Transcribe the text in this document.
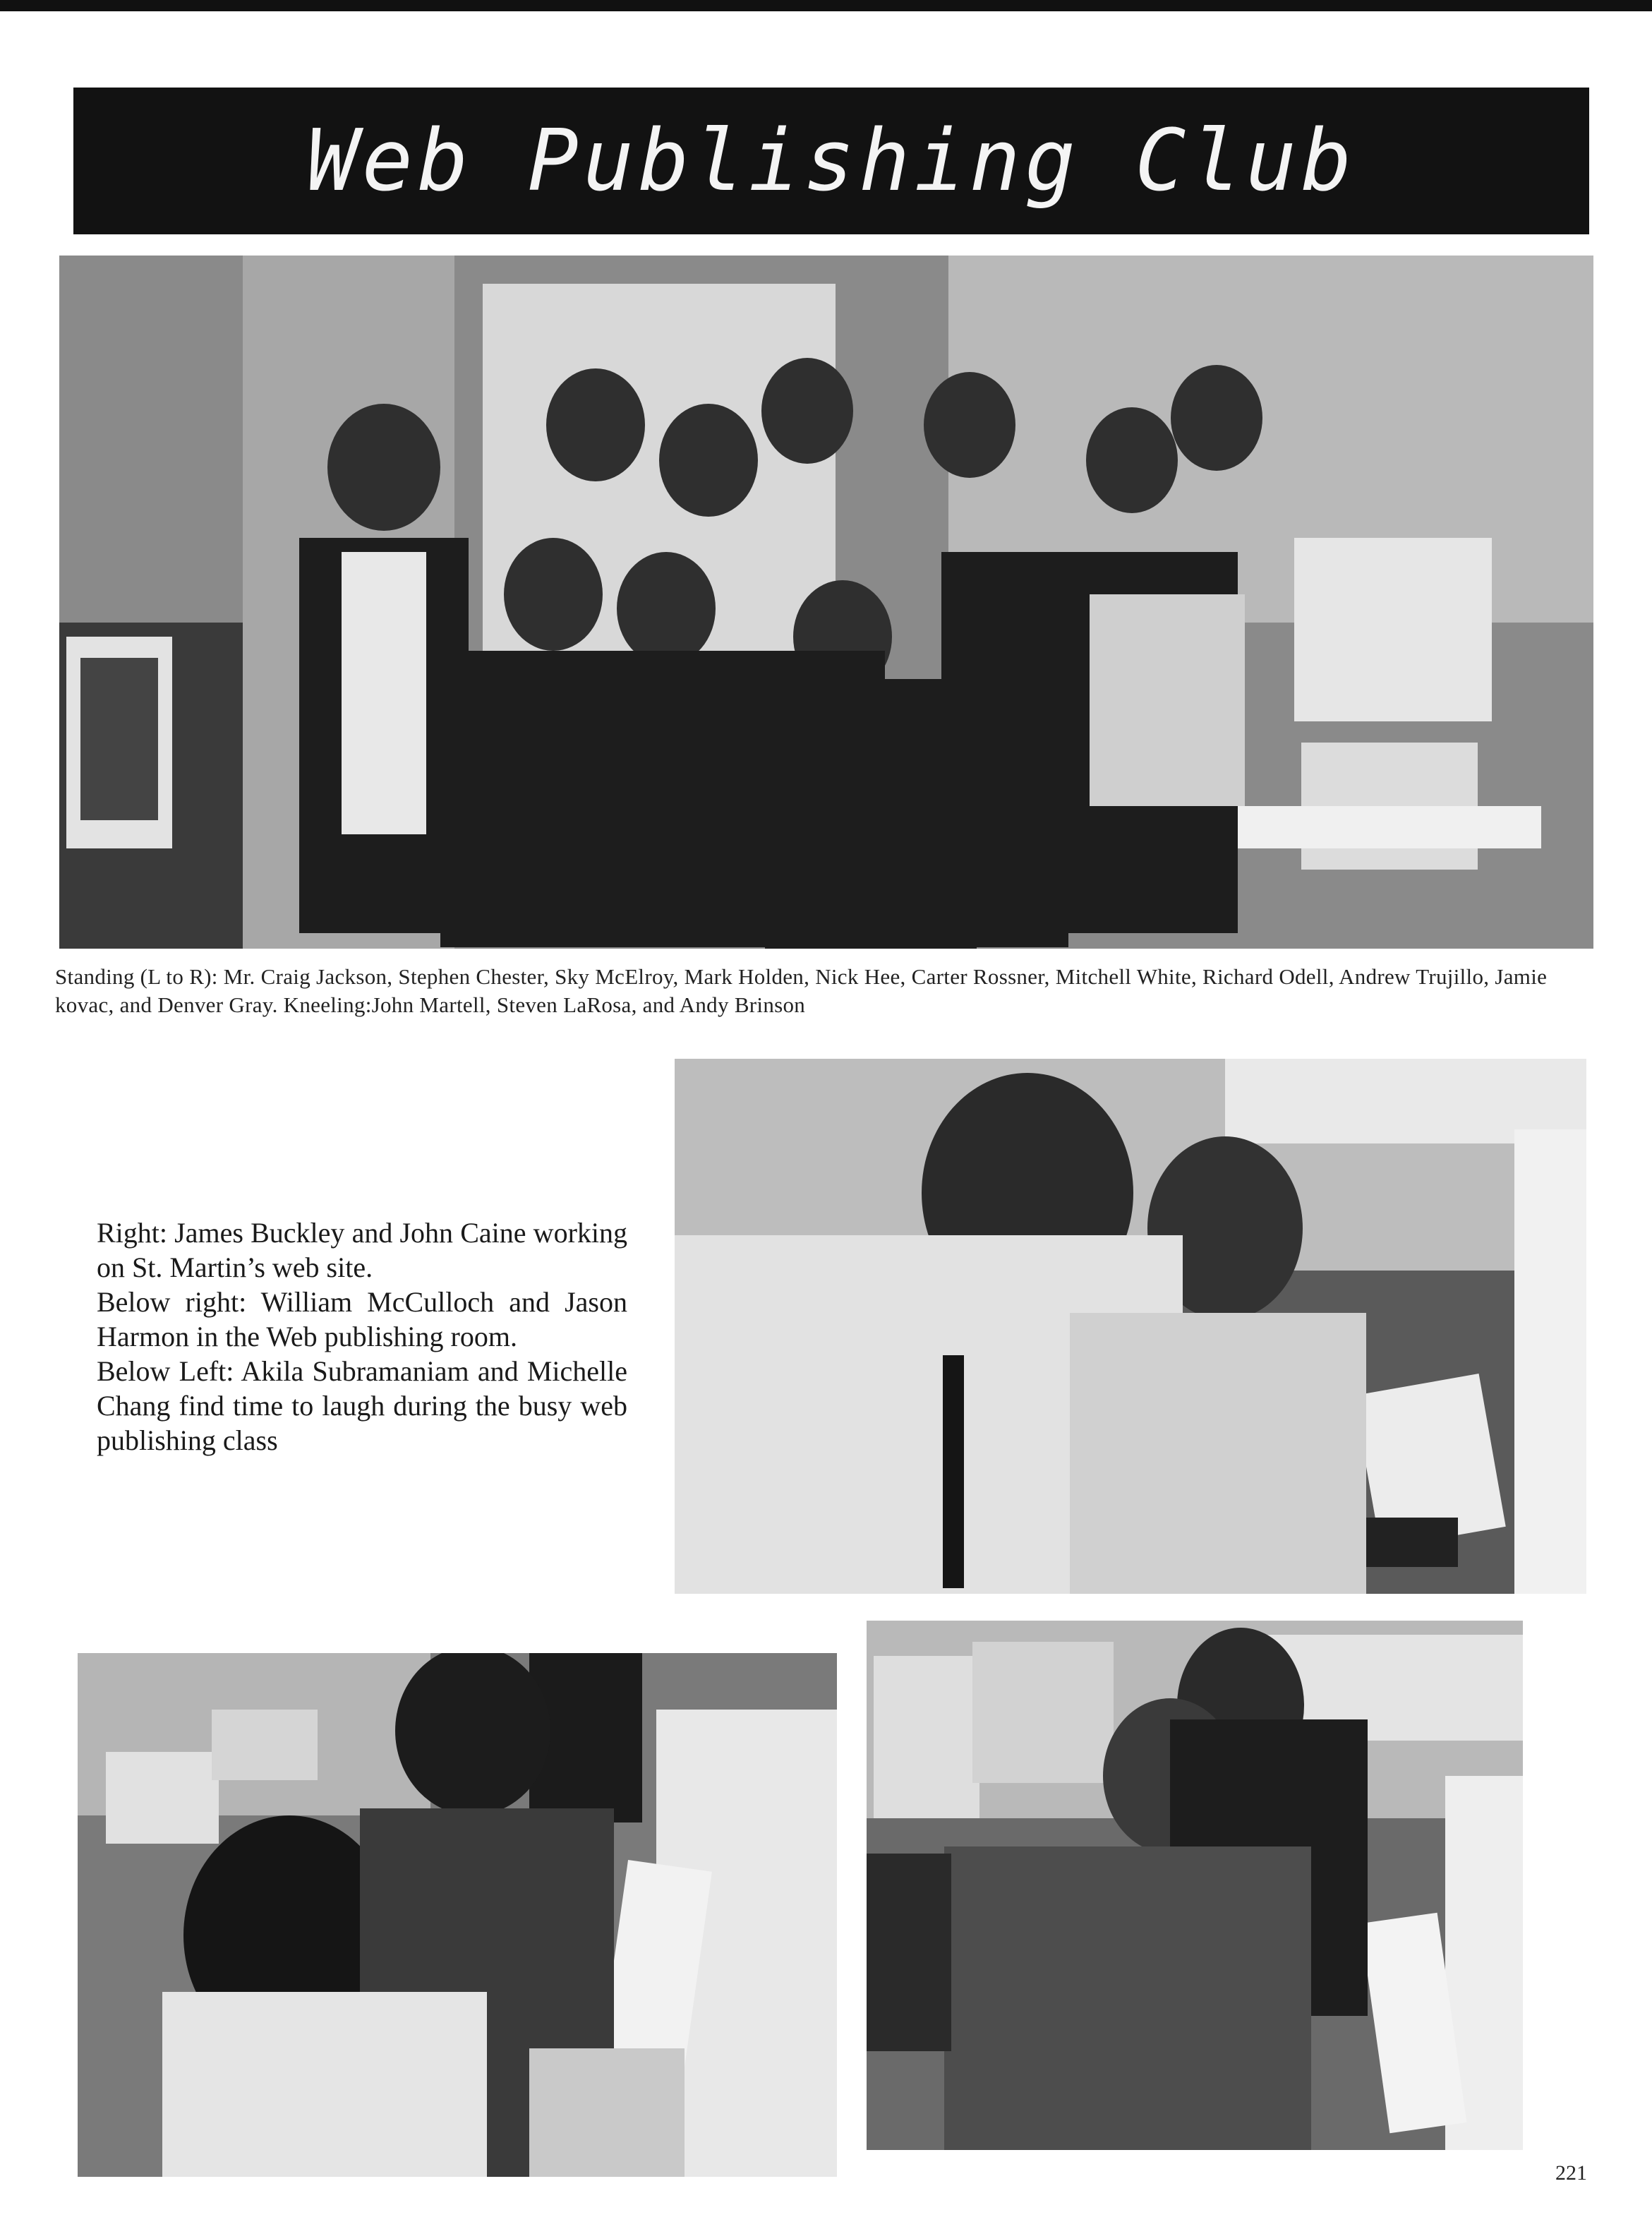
Web Publishing Club
Standing (L to R): Mr. Craig Jackson, Stephen Chester, Sky McElroy, Mark Holden, Nick Hee, Carter Rossner, Mitchell White, Richard Odell, Andrew Trujillo, Jamie kovac, and Denver Gray. Kneeling:John Martell, Steven LaRosa, and Andy Brinson
Right: James Buckley and John Caine working on St. Martin’s web site.
Below right: William McCulloch and Jason Harmon in the Web publishing room.
Below Left: Akila Subramaniam and Michelle Chang find time to laugh during the busy web publishing class
221
